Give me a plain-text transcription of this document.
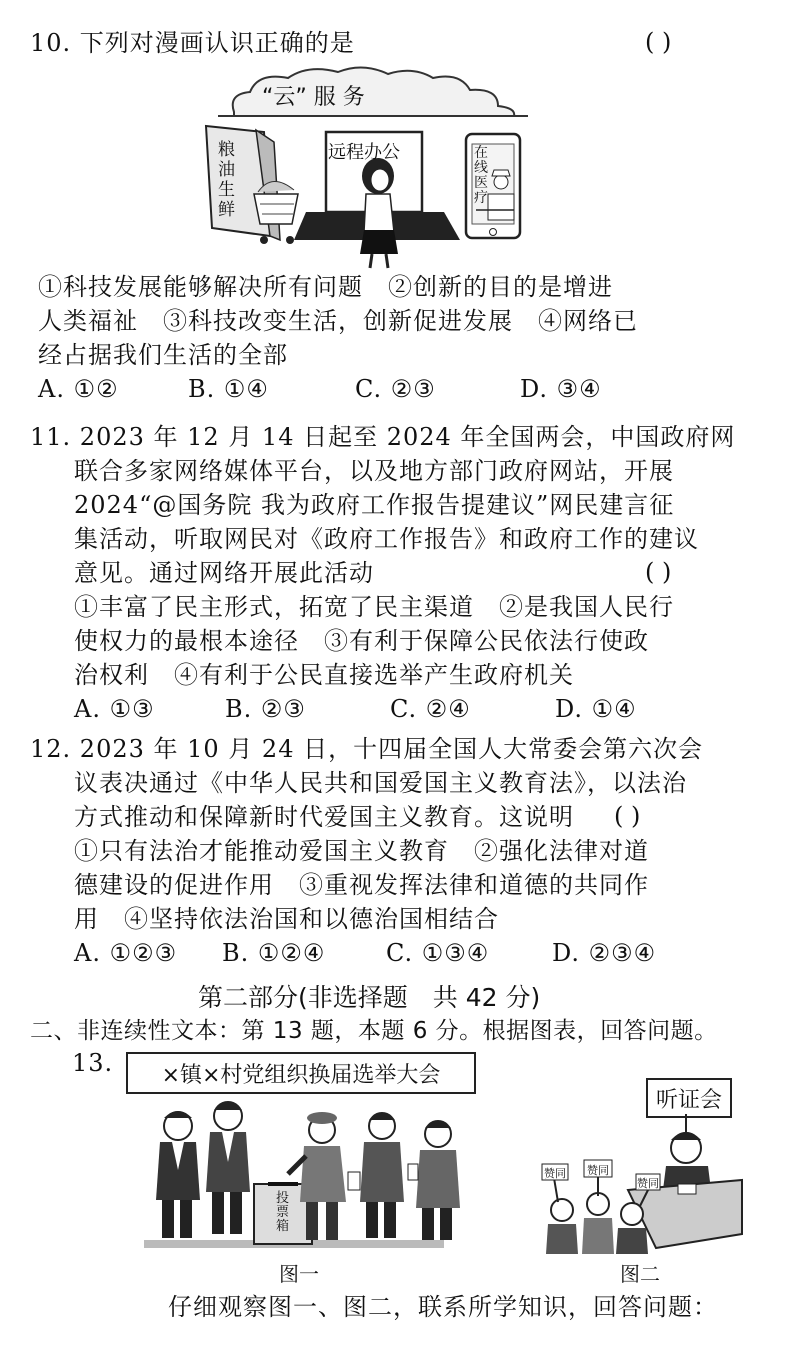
10. 下列对漫画认识正确的是	( )
“云” 服 务
粮
油
生
鲜
远程办公	在
线
医
疗
①科技发展能够解决所有问题　②创新的目的是增进
人类福祉　③科技改变生活，创新促进发展　④网络已
经占据我们生活的全部
A. ①②	B. ①④	C. ②③	D. ③④
11. 2023 年 12 月 14 日起至 2024 年全国两会，中国政府网
联合多家网络媒体平台，以及地方部门政府网站，开展
2024“@国务院 我为政府工作报告提建议”网民建言征
集活动，听取网民对《政府工作报告》和政府工作的建议
意见。通过网络开展此活动	( )
①丰富了民主形式，拓宽了民主渠道　②是我国人民行
使权力的最根本途径　③有利于保障公民依法行使政
治权利　④有利于公民直接选举产生政府机关
A. ①③	B. ②③	C. ②④	D. ①④
12. 2023 年 10 月 24 日，十四届全国人大常委会第六次会
议表决通过《中华人民共和国爱国主义教育法》，以法治
方式推动和保障新时代爱国主义教育。这说明 ( )
①只有法治才能推动爱国主义教育　②强化法律对道
德建设的促进作用　③重视发挥法律和道德的共同作
用　④坚持依法治国和以德治国相结合
A. ①②③ B. ①②④	C. ①③④	D. ②③④
第二部分(非选择题　共 42 分)
二、非连续性文本：第 13 题，本题 6 分。根据图表，回答问题。
13.	×镇×村党组织换届选举大会
投
票
箱
图一
听证会
赞同 赞同
赞同
图二
仔细观察图一、图二，联系所学知识，回答问题：
